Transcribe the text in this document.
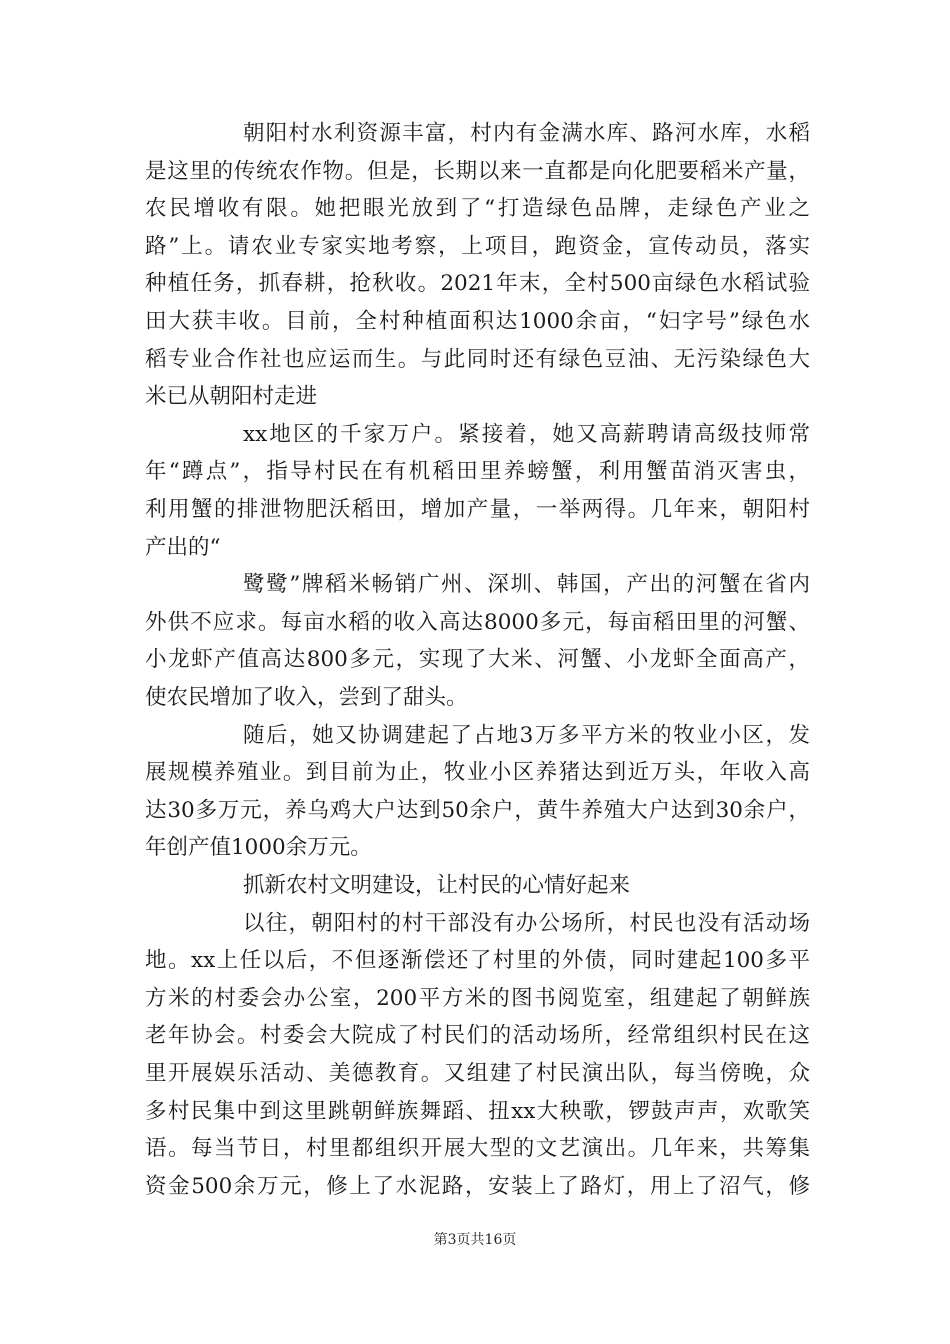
朝阳村水利资源丰富，村内有金满水库、路河水库，水稻
是这里的传统农作物。但是，长期以来一直都是向化肥要稻米产量，
农民增收有限。她把眼光放到了“打造绿色品牌，走绿色产业之
路”上。请农业专家实地考察，上项目，跑资金，宣传动员，落实
种植任务，抓春耕，抢秋收。2021年末，全村500亩绿色水稻试验
田大获丰收。目前，全村种植面积达1000余亩，“妇字号”绿色水
稻专业合作社也应运而生。与此同时还有绿色豆油、无污染绿色大
米已从朝阳村走进
xx地区的千家万户。紧接着，她又高薪聘请高级技师常
年“蹲点”，指导村民在有机稻田里养螃蟹，利用蟹苗消灭害虫，
利用蟹的排泄物肥沃稻田，增加产量，一举两得。几年来，朝阳村
产出的“
鹭鹭”牌稻米畅销广州、深圳、韩国，产出的河蟹在省内
外供不应求。每亩水稻的收入高达8000多元，每亩稻田里的河蟹、
小龙虾产值高达800多元，实现了大米、河蟹、小龙虾全面高产，
使农民增加了收入，尝到了甜头。
随后，她又协调建起了占地3万多平方米的牧业小区，发
展规模养殖业。到目前为止，牧业小区养猪达到近万头，年收入高
达30多万元，养乌鸡大户达到50余户，黄牛养殖大户达到30余户，
年创产值1000余万元。
抓新农村文明建设，让村民的心情好起来
以往，朝阳村的村干部没有办公场所，村民也没有活动场
地。xx上任以后，不但逐渐偿还了村里的外债，同时建起100多平
方米的村委会办公室，200平方米的图书阅览室，组建起了朝鲜族
老年协会。村委会大院成了村民们的活动场所，经常组织村民在这
里开展娱乐活动、美德教育。又组建了村民演出队，每当傍晚，众
多村民集中到这里跳朝鲜族舞蹈、扭xx大秧歌，锣鼓声声，欢歌笑
语。每当节日，村里都组织开展大型的文艺演出。几年来，共筹集
资金500余万元，修上了水泥路，安装上了路灯，用上了沼气，修
第3页共16页
